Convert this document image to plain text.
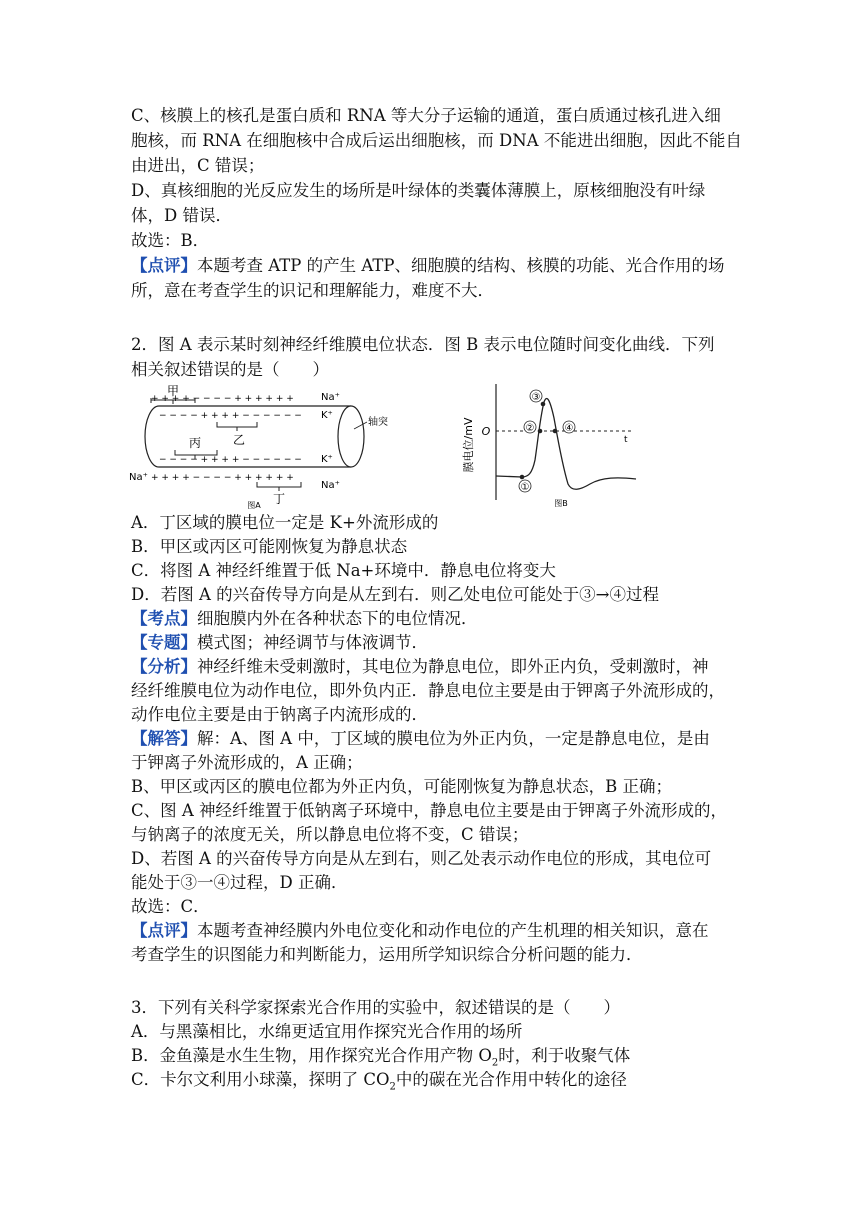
C、核膜上的核孔是蛋白质和 RNA 等大分子运输的通道，蛋白质通过核孔进入细
胞核，而 RNA 在细胞核中合成后运出细胞核，而 DNA 不能进出细胞，因此不能自
由进出，C 错误；
D、真核细胞的光反应发生的场所是叶绿体的类囊体薄膜上，原核细胞没有叶绿
体，D 错误．
故选：B．
【点评】本题考查 ATP 的产生 ATP、细胞膜的结构、核膜的功能、光合作用的场
所，意在考查学生的识记和理解能力，难度不大．
2．图 A 表示某时刻神经纤维膜电位状态．图 B 表示电位随时间变化曲线．下列
相关叙述错误的是（　　）
甲
轴突
+ + + + − − − − + + + + + +
− − − − + + + + − − − − − −
− − − − + + + + − − − − − −
+ + + + − − − − + + + + + +
Na⁺
K⁺
K⁺
Na⁺
Na⁺
乙
丙
丁
图A
膜电位/mV O
t
①
②
③
④
图B
A．丁区域的膜电位一定是 K+外流形成的
B．甲区或丙区可能刚恢复为静息状态
C．将图 A 神经纤维置于低 Na+环境中．静息电位将变大
D．若图 A 的兴奋传导方向是从左到右．则乙处电位可能处于③→④过程
【考点】细胞膜内外在各种状态下的电位情况．
【专题】模式图；神经调节与体液调节．
【分析】神经纤维未受刺激时，其电位为静息电位，即外正内负，受刺激时，神
经纤维膜电位为动作电位，即外负内正．静息电位主要是由于钾离子外流形成的，
动作电位主要是由于钠离子内流形成的．
【解答】解：A、图 A 中，丁区域的膜电位为外正内负，一定是静息电位，是由
于钾离子外流形成的，A 正确；
B、甲区或丙区的膜电位都为外正内负，可能刚恢复为静息状态，B 正确；
C、图 A 神经纤维置于低钠离子环境中，静息电位主要是由于钾离子外流形成的，
与钠离子的浓度无关，所以静息电位将不变，C 错误；
D、若图 A 的兴奋传导方向是从左到右，则乙处表示动作电位的形成，其电位可
能处于③一④过程，D 正确．
故选：C．
【点评】本题考查神经膜内外电位变化和动作电位的产生机理的相关知识，意在
考查学生的识图能力和判断能力，运用所学知识综合分析问题的能力．
3．下列有关科学家探索光合作用的实验中，叙述错误的是（　　）
A．与黑藻相比，水绵更适宜用作探究光合作用的场所
B．金鱼藻是水生生物，用作探究光合作用产物 $O_2$时，利于收聚气体
C．卡尔文利用小球藻，探明了 $CO_2$中的碳在光合作用中转化的途径
